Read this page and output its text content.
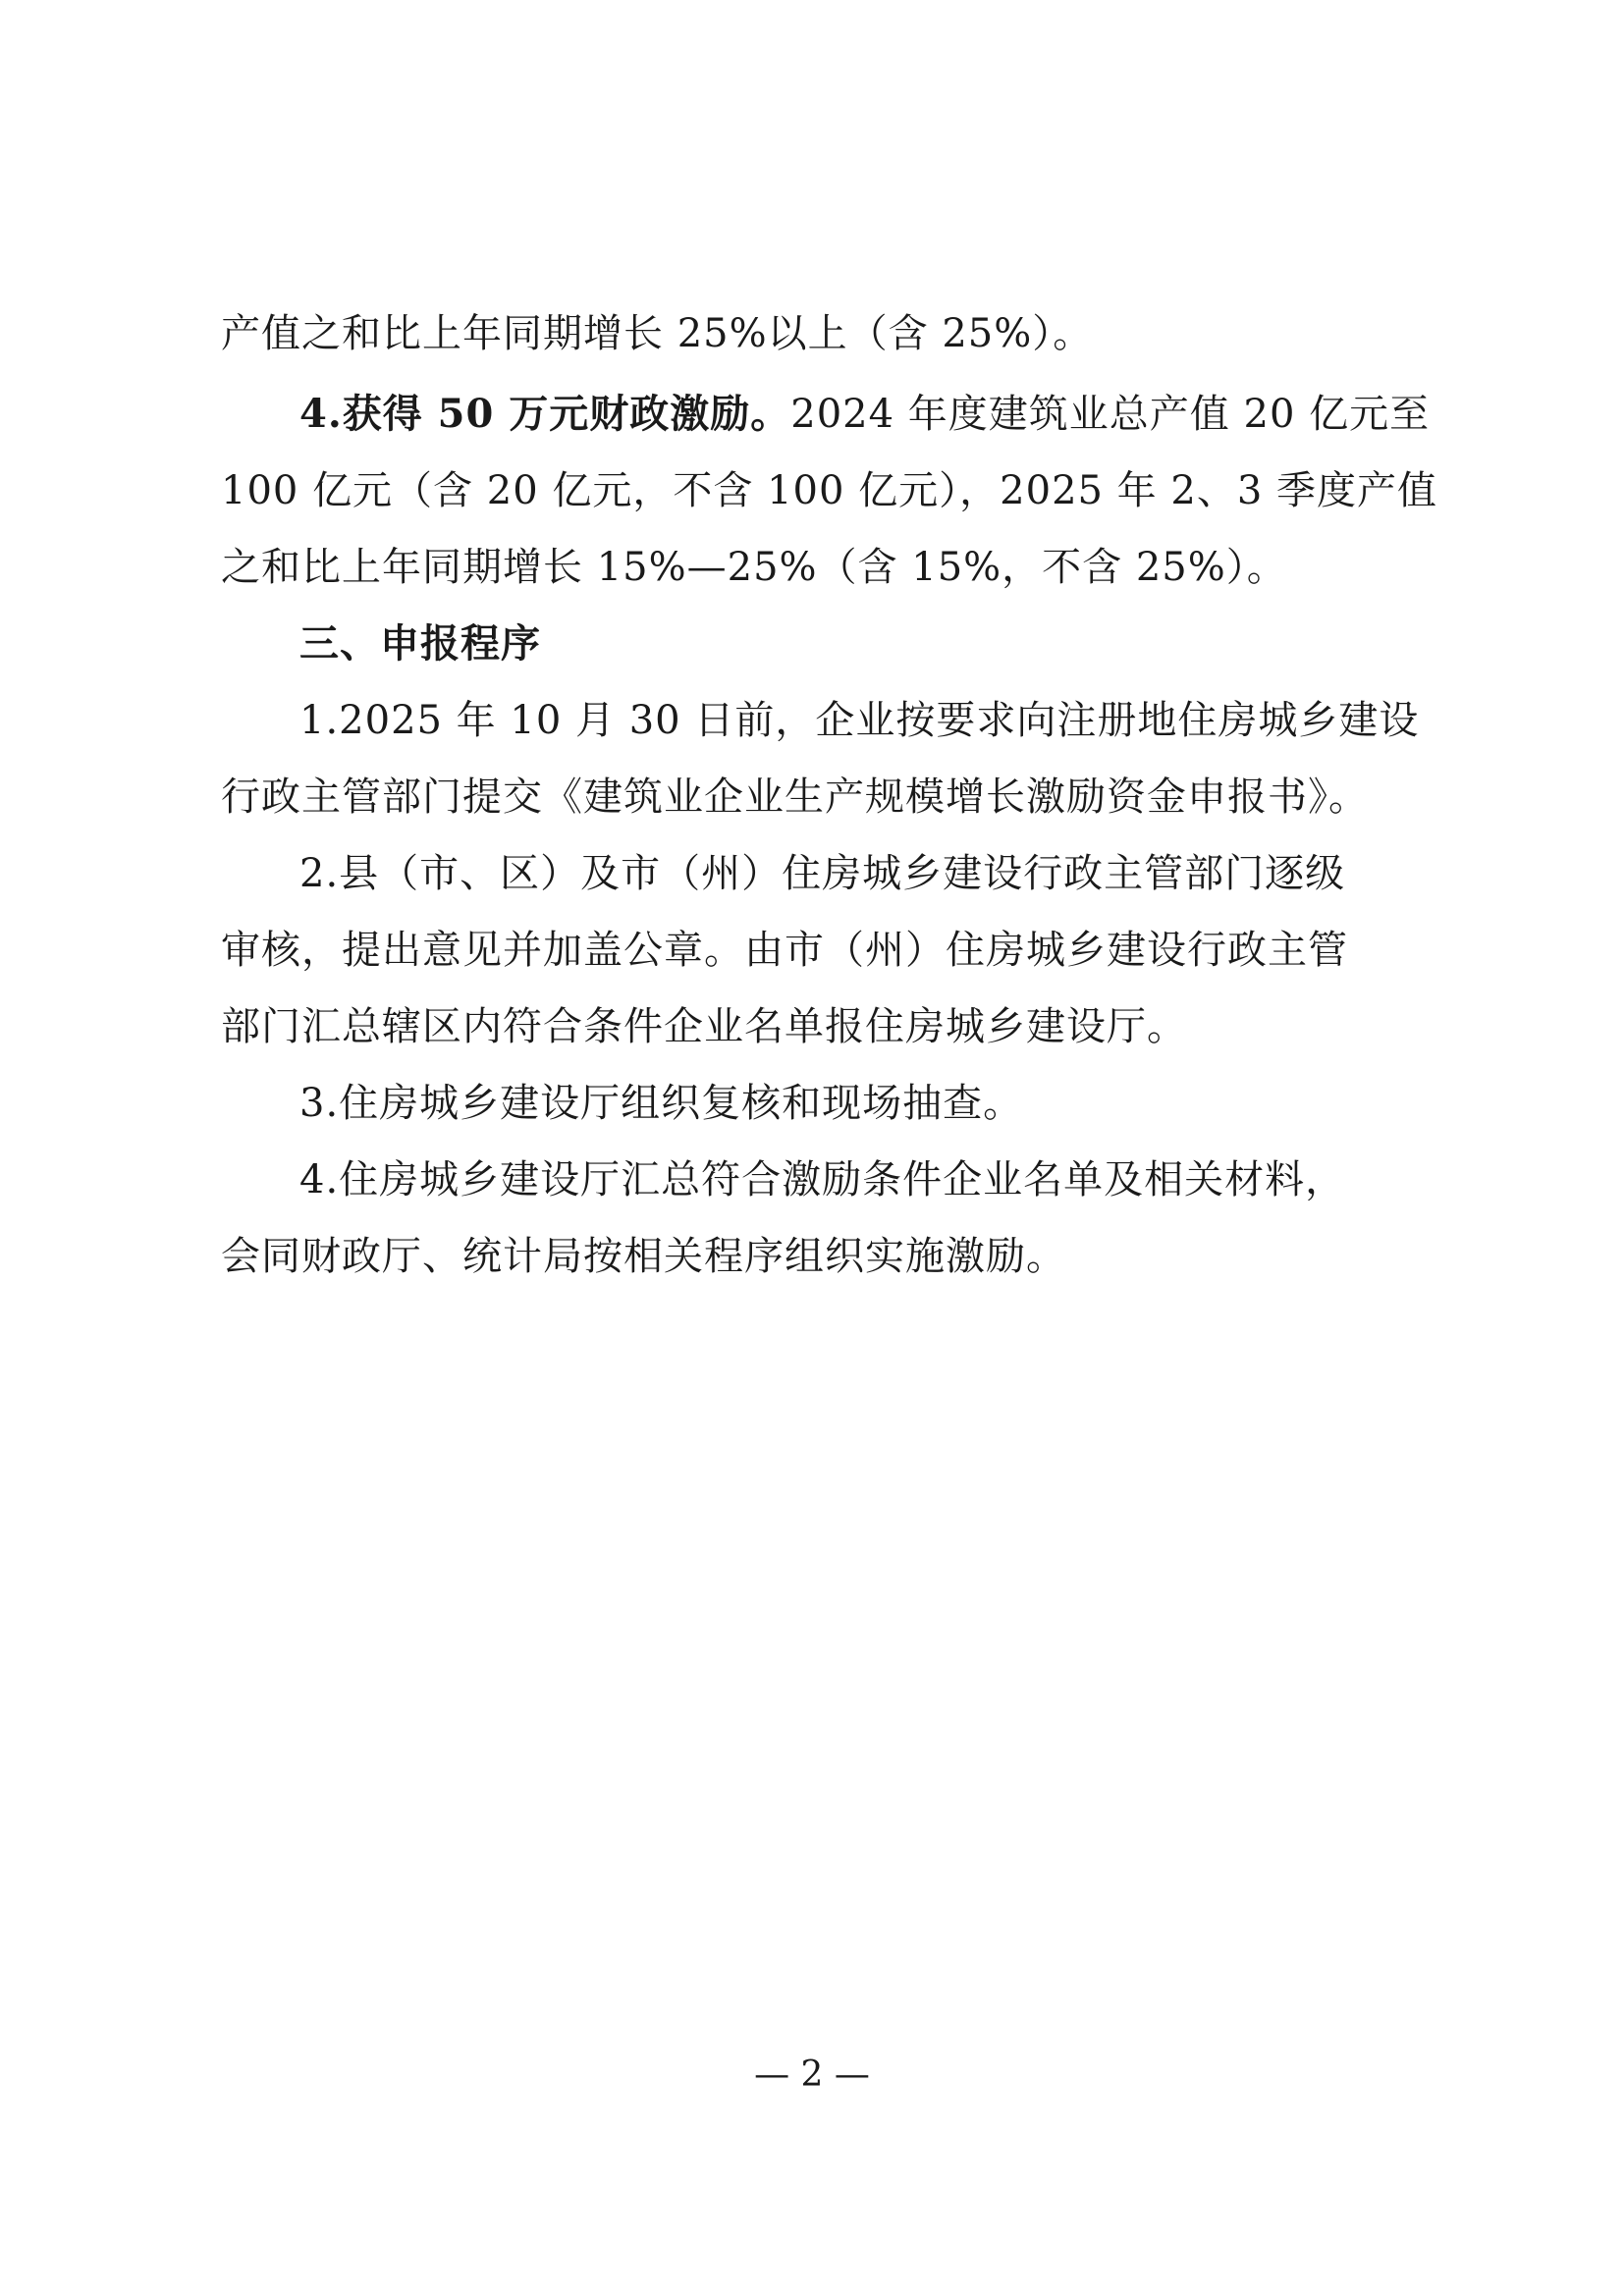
产值之和比上年同期增长 25%以上（含 25%）。
4.获得 50 万元财政激励。2024 年度建筑业总产值 20 亿元至
100 亿元（含 20 亿元，不含 100 亿元），2025 年 2、3 季度产值
之和比上年同期增长 15%—25%（含 15%，不含 25%）。
三、申报程序
1.2025 年 10 月 30 日前，企业按要求向注册地住房城乡建设
行政主管部门提交《建筑业企业生产规模增长激励资金申报书》。
2.县（市、区）及市（州）住房城乡建设行政主管部门逐级
审核，提出意见并加盖公章。由市（州）住房城乡建设行政主管
部门汇总辖区内符合条件企业名单报住房城乡建设厅。
3.住房城乡建设厅组织复核和现场抽查。
4.住房城乡建设厅汇总符合激励条件企业名单及相关材料，
会同财政厅、统计局按相关程序组织实施激励。
— 2 —
